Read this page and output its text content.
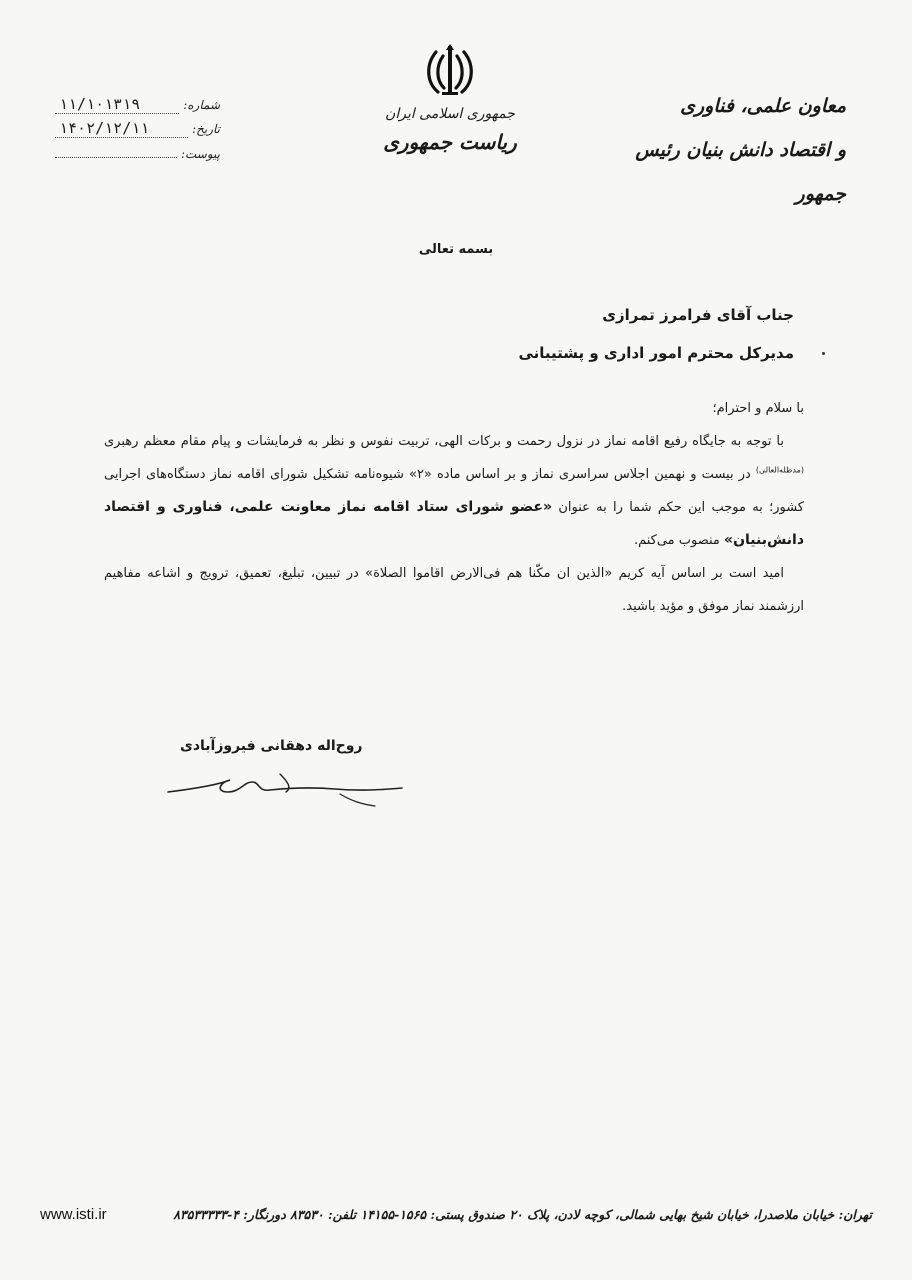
شماره:
۱۱/۱۰۱۳۱۹
تاریخ:
۱۴۰۲/۱۲/۱۱
پیوست:
جمهوری اسلامی ایران
ریاست جمهوری
معاون علمی، فناوری
و اقتصاد دانش بنیان رئیس جمهور
بسمه تعالی
جناب آقای فرامرز تمرازی
مدیرکل محترم امور اداری و پشتیبانی

با سلام و احترام؛

با توجه به جایگاه رفیع اقامه نماز در نزول رحمت و برکات الهی، تربیت نفوس و نظر به فرمایشات و پیام مقام معظم رهبری $^{(مدظله‌العالی)}$ در بیست و نهمین اجلاس سراسری نماز و بر اساس ماده «۲» شیوه‌نامه تشکیل شورای اقامه نماز دستگاه‌های اجرایی کشور؛ به موجب این حکم شما را به عنوان «عضو شورای ستاد اقامه نماز معاونت علمی، فناوری و اقتصاد دانش‌بنیان» منصوب می‌کنم.

امید است بر اساس آیه کریم «الذین ان مکّنا هم فی‌الارض اقاموا الصلاة» در تبیین، تبلیغ، تعمیق، ترویج و اشاعه مفاهیم ارزشمند نماز موفق و مؤید باشید.

روح‌اله دهقانی فیروزآبادی
www.isti.ir	تهران: خیابان ملاصدرا، خیابان شیخ بهایی شمالی، کوچه لادن، پلاک ۲۰ صندوق پستی: ۱۵۶۵-۱۴۱۵۵ تلفن: ۸۳۵۳۰ دورنگار: ۴-۸۳۵۳۳۳۳۳
